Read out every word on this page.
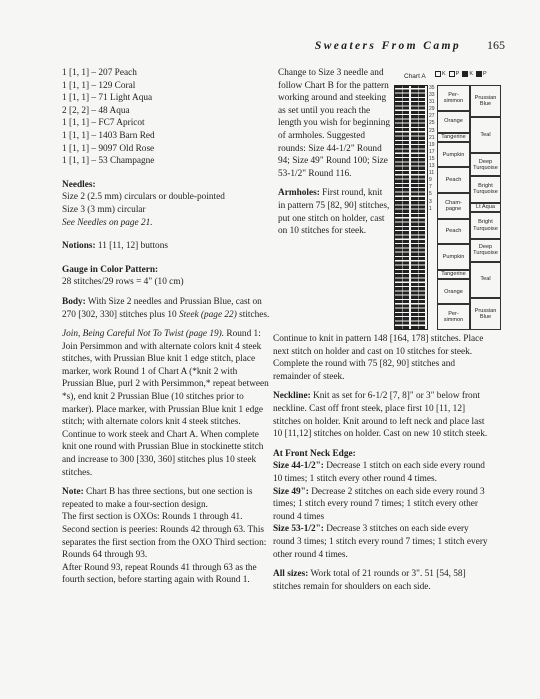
Sweaters From Camp 165

1 [1, 1] – 207 Peach

1 [1, 1] – 129 Coral

1 [1, 1] – 71 Light Aqua

2 [2, 2] – 48 Aqua

1 [1, 1] – FC7 Apricot

1 [1, 1] – 1403 Barn Red

1 [1, 1] – 9097 Old Rose

1 [1, 1] – 53 Champagne

Needles:

Size 2 (2.5 mm) circulars or double-pointed

Size 3 (3 mm) circular

See Needles on page 21.

Notions: 11 [11, 12] buttons

Gauge in Color Pattern:

28 stitches/29 rows = 4" (10 cm)

Body: With Size 2 needles and Prussian Blue, cast on 270 [302, 330] stitches plus 10 Steek (page 22) stitches.

Join, Being Careful Not To Twist (page 19). Round 1: Join Persimmon and with alternate colors knit 4 steek stitches, with Prussian Blue knit 1 edge stitch, place marker, work Round 1 of Chart A (*knit 2 with Prussian Blue, purl 2 with Persimmon,* repeat between *s), end knit 2 Prussian Blue (10 stitches prior to marker). Place marker, with Prussian Blue knit 1 edge stitch; with alternate colors knit 4 steek stitches. Continue to work steek and Chart A. When complete knit one round with Prussian Blue in stockinette stitch and increase to 300 [330, 360] stitches plus 10 steek stitches.

Note: Chart B has three sections, but one section is repeated to make a four-section design.

The first section is OXOs: Rounds 1 through 41.

Second section is peeries: Rounds 42 through 63. This separates the first section from the OXO Third section: Rounds 64 through 93.

After Round 93, repeat Rounds 41 through 63 as the fourth section, before starting again with Round 1.

Change to Size 3 needle and follow Chart B for the pattern working around and steeking as set until you reach the length you wish for beginning of armholes. Suggested rounds: Size 44-1/2" Round 94; Size 49" Round 100; Size 53-1/2" Round 116.

Armholes: First round, knit in pattern 75 [82, 90] stitches, put one stitch on holder, cast on 10 stitches for steek.

Chart A	K P K P
35
33
31
29
27
25
23
21
19
17
15
13
11
9
7
5
3
1
Per-
simmon
Orange
Tangerine
Pumpkin
Peach
Cham-
pagne
Peach
Pumpkin
Tangerine
Orange
Per-
simmon
Prussian
Blue
Teal
Deep
Turquoise
Bright
Turquoise
Lt Aqua
Bright
Turquoise
Deep
Turquoise
Teal
Prussian
Blue

Continue to knit in pattern 148 [164, 178] stitches. Place next stitch on holder and cast on 10 stitches for steek. Complete the round with 75 [82, 90] stitches and remainder of steek.

Neckline: Knit as set for 6-1/2 [7, 8]" or 3" below front neckline. Cast off front steek, place first 10 [11, 12] stitches on holder. Knit around to left neck and place last 10 [11,12] stitches on holder. Cast on new 10 stitch steek.

At Front Neck Edge:

Size 44-1/2": Decrease 1 stitch on each side every round 10 times; 1 stitch every other round 4 times.

Size 49": Decrease 2 stitches on each side every round 3 times; 1 stitch every round 7 times; 1 stitch every other round 4 times

Size 53-1/2": Decrease 3 stitches on each side every round 3 times; 1 stitch every round 7 times; 1 stitch every other round 4 times.

All sizes: Work total of 21 rounds or 3". 51 [54, 58] stitches remain for shoulders on each side.
